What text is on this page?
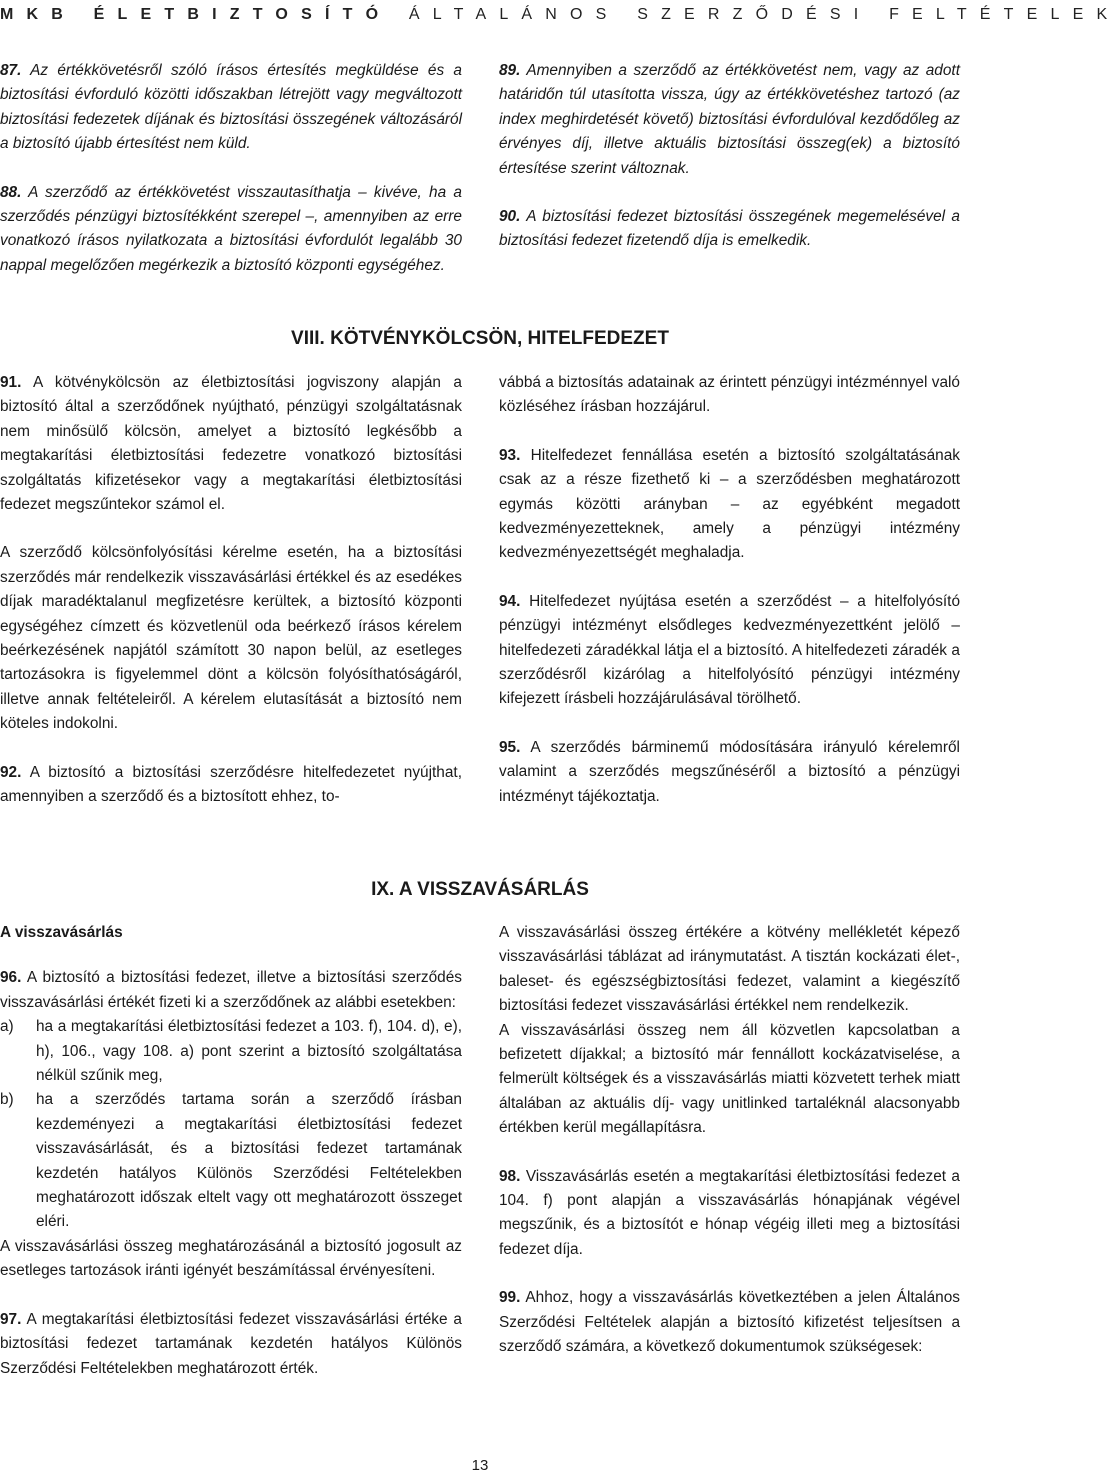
MKB ÉLETBIZTOSÍTÓ ÁLTALÁNOS SZERZŐDÉSI FELTÉTELEK

87. Az értékkövetésről szóló írásos értesítés megküldése és a biztosítási évforduló közötti időszakban létrejött vagy megváltozott biztosítási fedezetek díjának és biztosítási összegének változásáról a biztosító újabb értesítést nem küld.

88. A szerződő az értékkövetést visszautasíthatja – kivéve, ha a szerződés pénzügyi biztosítékként szerepel –, amennyiben az erre vonatkozó írásos nyilatkozata a biztosítási évfordulót legalább 30 nappal megelőzően megérkezik a biztosító központi egységéhez.

89. Amennyiben a szerződő az értékkövetést nem, vagy az adott határidőn túl utasította vissza, úgy az értékkövetéshez tartozó (az index meghirdetését követő) biztosítási évfordulóval kezdődőleg az érvényes díj, illetve aktuális biztosítási összeg(ek) a biztosító értesítése szerint változnak.

90. A biztosítási fedezet biztosítási összegének megemelésével a biztosítási fedezet fizetendő díja is emelkedik.

VIII. KÖTVÉNYKÖLCSÖN, HITELFEDEZET

91. A kötvénykölcsön az életbiztosítási jogviszony alapján a biztosító által a szerződőnek nyújtható, pénzügyi szolgáltatásnak nem minősülő kölcsön, amelyet a biztosító legkésőbb a megtakarítási életbiztosítási fedezetre vonatkozó biztosítási szolgáltatás kifizetésekor vagy a megtakarítási életbiztosítási fedezet megszűntekor számol el.

A szerződő kölcsönfolyósítási kérelme esetén, ha a biztosítási szerződés már rendelkezik visszavásárlási értékkel és az esedékes díjak maradéktalanul megfizetésre kerültek, a biztosító központi egységéhez címzett és közvetlenül oda beérkező írásos kérelem beérkezésének napjától számított 30 napon belül, az esetleges tartozásokra is figyelemmel dönt a kölcsön folyósíthatóságáról, illetve annak feltételeiről. A kérelem elutasítását a biztosító nem köteles indokolni.

92. A biztosító a biztosítási szerződésre hitelfedezetet nyújthat, amennyiben a szerződő és a biztosított ehhez, to-

vábbá a biztosítás adatainak az érintett pénzügyi intézménnyel való közléséhez írásban hozzájárul.

93. Hitelfedezet fennállása esetén a biztosító szolgáltatásának csak az a része fizethető ki – a szerződésben meghatározott egymás közötti arányban – az egyébként megadott kedvezményezetteknek, amely a pénzügyi intézmény kedvezményezettségét meghaladja.

94. Hitelfedezet nyújtása esetén a szerződést – a hitelfolyósító pénzügyi intézményt elsődleges kedvezményezettként jelölő – hitelfedezeti záradékkal látja el a biztosító. A hitelfedezeti záradék a szerződésről kizárólag a hitelfolyósító pénzügyi intézmény kifejezett írásbeli hozzájárulásával törölhető.

95. A szerződés bárminemű módosítására irányuló kérelemről valamint a szerződés megszűnéséről a biztosító a pénzügyi intézményt tájékoztatja.

IX. A VISSZAVÁSÁRLÁS

A visszavásárlás

96. A biztosító a biztosítási fedezet, illetve a biztosítási szerződés visszavásárlási értékét fizeti ki a szerződőnek az alábbi esetekben:

a)	ha a megtakarítási életbiztosítási fedezet a 103. f), 104. d), e), h), 106., vagy 108. a) pont szerint a biztosító szolgáltatása nélkül szűnik meg,
b)	ha a szerződés tartama során a szerződő írásban kezdeményezi a megtakarítási életbiztosítási fedezet visszavásárlását, és a biztosítási fedezet tartamának kezdetén hatályos Különös Szerződési Feltételekben meghatározott időszak eltelt vagy ott meghatározott összeget eléri.

A visszavásárlási összeg meghatározásánál a biztosító jogosult az esetleges tartozások iránti igényét beszámítással érvényesíteni.

97. A megtakarítási életbiztosítási fedezet visszavásárlási értéke a biztosítási fedezet tartamának kezdetén hatályos Különös Szerződési Feltételekben meghatározott érték.

A visszavásárlási összeg értékére a kötvény mellékletét képező visszavásárlási táblázat ad iránymutatást. A tisztán kockázati élet-, baleset- és egészségbiztosítási fedezet, valamint a kiegészítő biztosítási fedezet visszavásárlási értékkel nem rendelkezik.

A visszavásárlási összeg nem áll közvetlen kapcsolatban a befizetett díjakkal; a biztosító már fennállott kockázatviselése, a felmerült költségek és a visszavásárlás miatti közvetett terhek miatt általában az aktuális díj- vagy unitlinked tartaléknál alacsonyabb értékben kerül megállapításra.

98. Visszavásárlás esetén a megtakarítási életbiztosítási fedezet a 104. f) pont alapján a visszavásárlás hónapjának végével megszűnik, és a biztosítót e hónap végéig illeti meg a biztosítási fedezet díja.

99. Ahhoz, hogy a visszavásárlás következtében a jelen Általános Szerződési Feltételek alapján a biztosító kifizetést teljesítsen a szerződő számára, a következő dokumentumok szükségesek:

13
